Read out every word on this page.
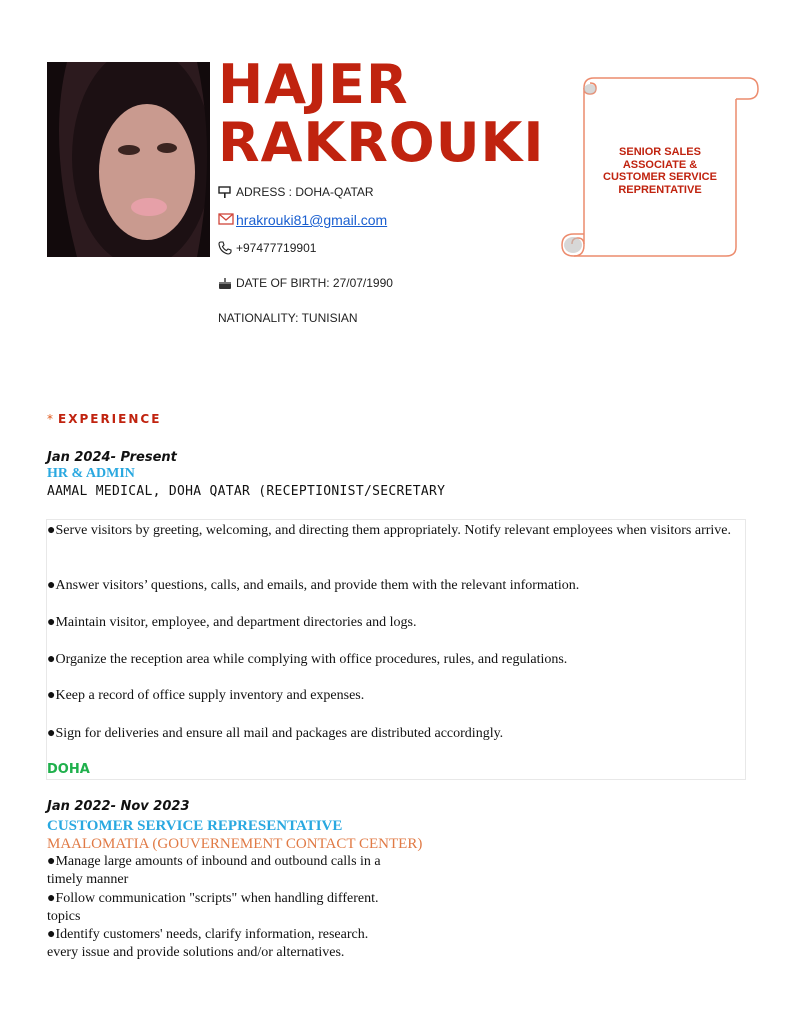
HAJER
RAKROUKI
ADRESS : DOHA-QATAR
hrakrouki81@gmail.com
+97477719901
DATE OF BIRTH: 27/07/1990
NATIONALITY: TUNISIAN
SENIOR SALES ASSOCIATE & CUSTOMER SERVICE REPRENTATIVE
* EXPERIENCE
Jan 2024- Present
HR & ADMIN
AAMAL MEDICAL, DOHA QATAR (RECEPTIONIST/SECRETARY
●Serve visitors by greeting, welcoming, and directing them appropriately. Notify relevant employees when visitors arrive.
●Answer visitors’ questions, calls, and emails, and provide them with the relevant information.
●Maintain visitor, employee, and department directories and logs.
●Organize the reception area while complying with office procedures, rules, and regulations.
●Keep a record of office supply inventory and expenses.
●Sign for deliveries and ensure all mail and packages are distributed accordingly.
DOHA
Jan 2022- Nov 2023
CUSTOMER SERVICE REPRESENTATIVE
MAALOMATIA (GOUVERNEMENT CONTACT CENTER)
●Manage large amounts of inbound and outbound calls in a
timely manner
●Follow communication "scripts" when handling different.
topics
●Identify customers' needs, clarify information, research.
every issue and provide solutions and/or alternatives.
